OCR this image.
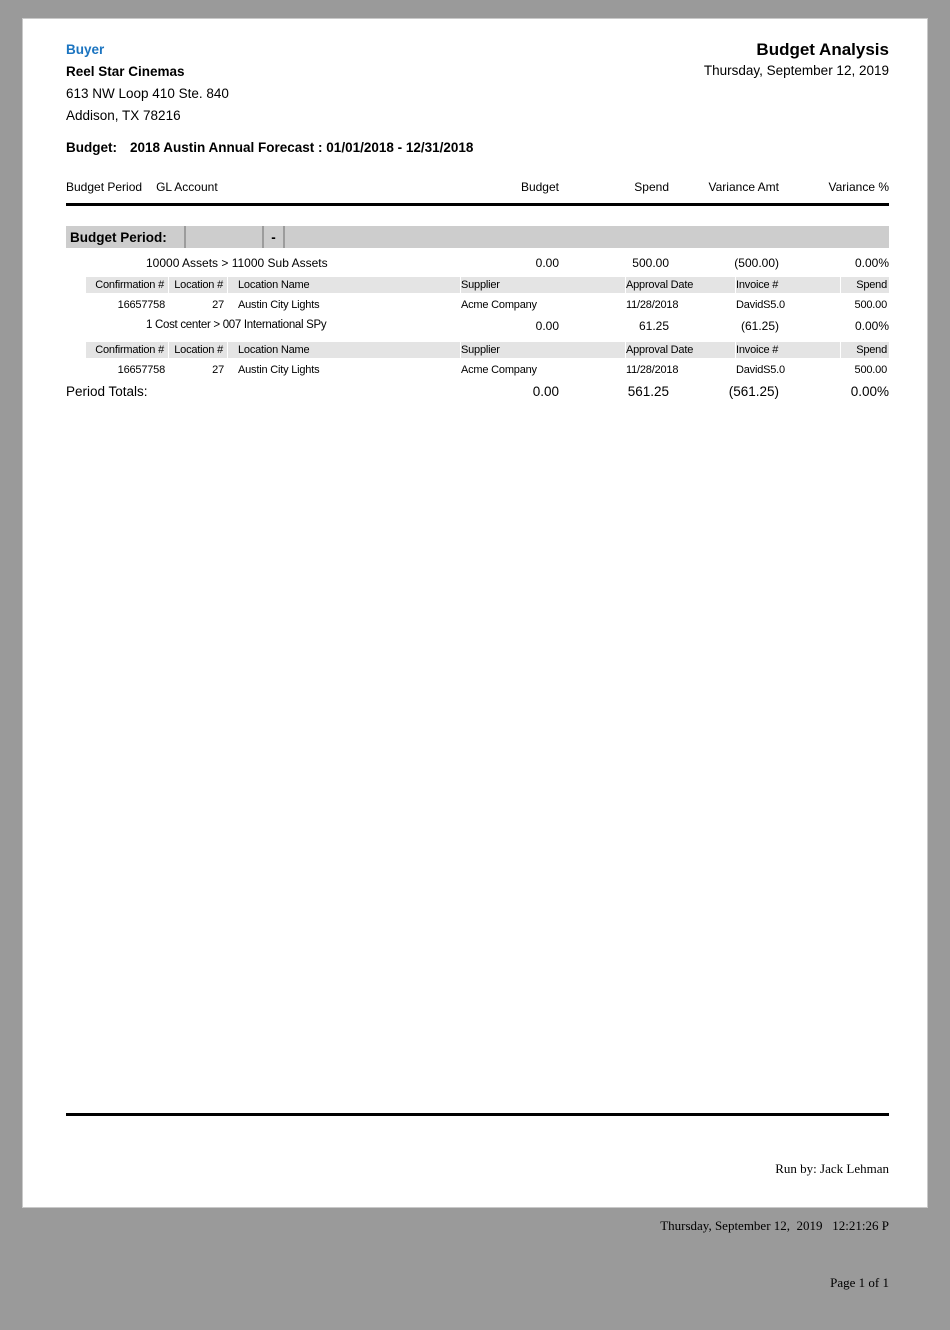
Buyer
Reel Star Cinemas
613 NW Loop 410 Ste. 840
Addison, TX 78216
Budget Analysis
Thursday, September 12, 2019
Budget: 2018 Austin Annual Forecast : 01/01/2018 - 12/31/2018
Budget Period GL Account	Budget	Spend	Variance Amt	Variance %
Budget Period:	-
10000 Assets > 11000 Sub Assets	0.00	500.00	(500.00)	0.00%
Confirmation # Location #	Location Name	Supplier	Approval Date	Invoice #	Spend
16657758	27	Austin City Lights	Acme Company	11/28/2018	DavidS5.0	500.00
1 Cost center > 007 International SPy	0.00	61.25	(61.25)	0.00%
Confirmation # Location #	Location Name	Supplier	Approval Date	Invoice #	Spend
16657758	27	Austin City Lights	Acme Company	11/28/2018	DavidS5.0	500.00
Period Totals:	0.00	561.25	(561.25)	0.00%

Run by: Jack Lehman

Thursday, September 12,  2019   12:21:26 P

Page 1 of 1
